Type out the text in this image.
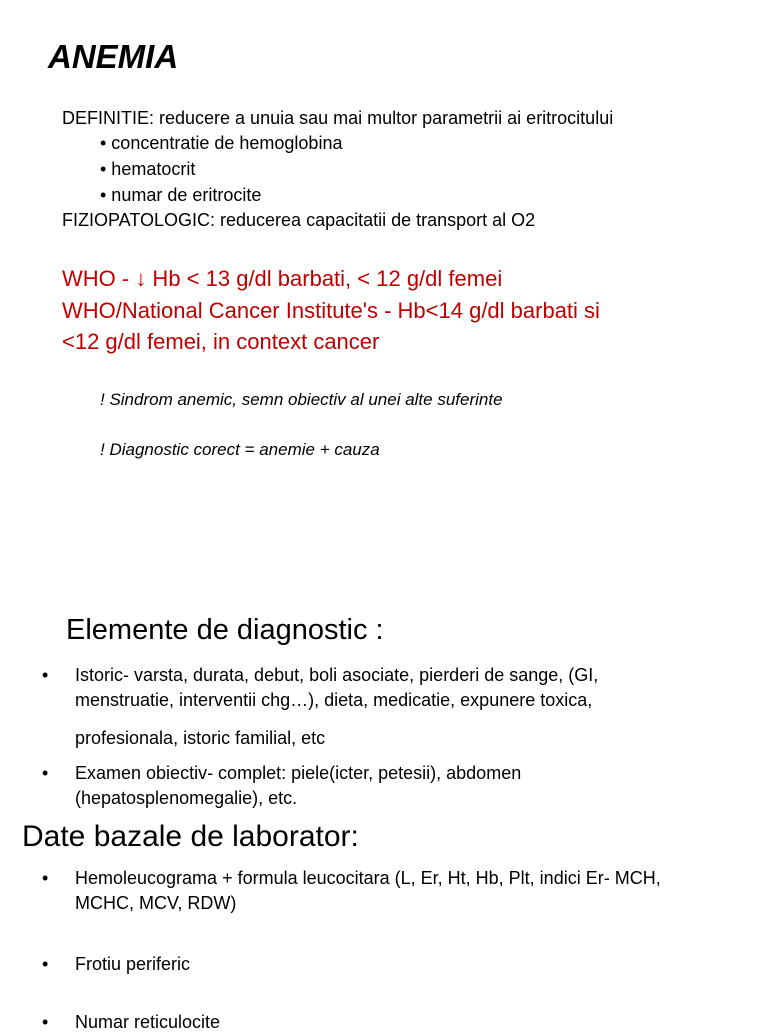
ANEMIA
DEFINITIE: reducere a unuia sau mai multor parametrii ai eritrocitului
• concentratie de hemoglobina
• hematocrit
• numar de eritrocite
FIZIOPATOLOGIC: reducerea capacitatii de transport al O2
WHO - ↓ Hb < 13 g/dl barbati, < 12 g/dl femei
WHO/National Cancer Institute's - Hb<14 g/dl barbati si
<12 g/dl femei, in context cancer
! Sindrom anemic, semn obiectiv al unei alte suferinte
! Diagnostic corect = anemie + cauza
Elemente de diagnostic :
• Istoric- varsta, durata, debut, boli asociate, pierderi de sange, (GI,
menstruatie, interventii chg…), dieta, medicatie, expunere toxica,
profesionala, istoric familial, etc
• Examen obiectiv- complet: piele(icter, petesii), abdomen
(hepatosplenomegalie), etc.
Date bazale de laborator:
• Hemoleucograma + formula leucocitara (L, Er, Ht, Hb, Plt, indici Er- MCH,
MCHC, MCV, RDW)
• Frotiu periferic
• Numar reticulocite
